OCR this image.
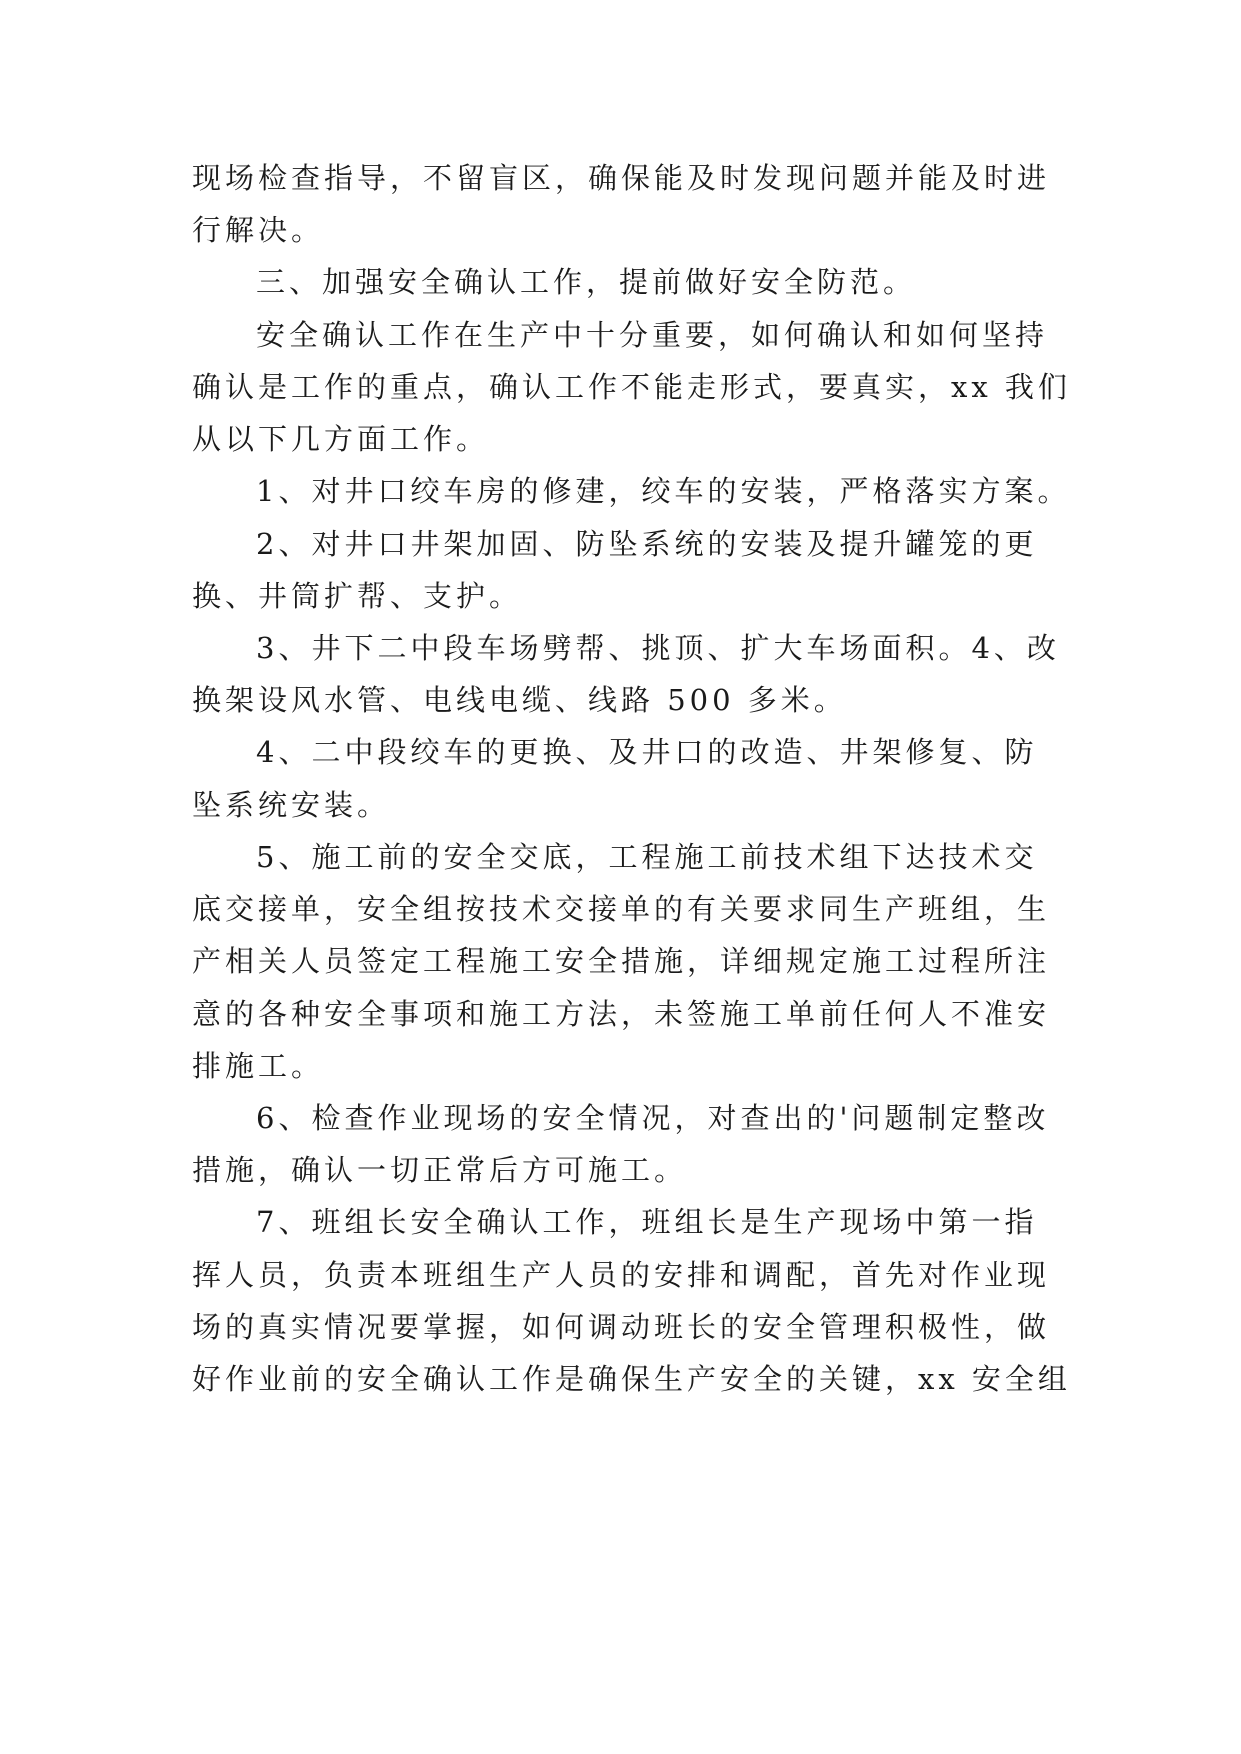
现场检查指导，不留盲区，确保能及时发现问题并能及时进
行解决。
三、加强安全确认工作，提前做好安全防范。
安全确认工作在生产中十分重要，如何确认和如何坚持
确认是工作的重点，确认工作不能走形式，要真实，xx 我们
从以下几方面工作。
1、对井口绞车房的修建，绞车的安装，严格落实方案。
2、对井口井架加固、防坠系统的安装及提升罐笼的更
换、井筒扩帮、支护。
3、井下二中段车场劈帮、挑顶、扩大车场面积。4、改
换架设风水管、电线电缆、线路 500 多米。
4、二中段绞车的更换、及井口的改造、井架修复、防
坠系统安装。
5、施工前的安全交底，工程施工前技术组下达技术交
底交接单，安全组按技术交接单的有关要求同生产班组，生
产相关人员签定工程施工安全措施，详细规定施工过程所注
意的各种安全事项和施工方法，未签施工单前任何人不准安
排施工。
6、检查作业现场的安全情况，对查出的'问题制定整改
措施，确认一切正常后方可施工。
7、班组长安全确认工作，班组长是生产现场中第一指
挥人员，负责本班组生产人员的安排和调配，首先对作业现
场的真实情况要掌握，如何调动班长的安全管理积极性，做
好作业前的安全确认工作是确保生产安全的关键，xx 安全组
